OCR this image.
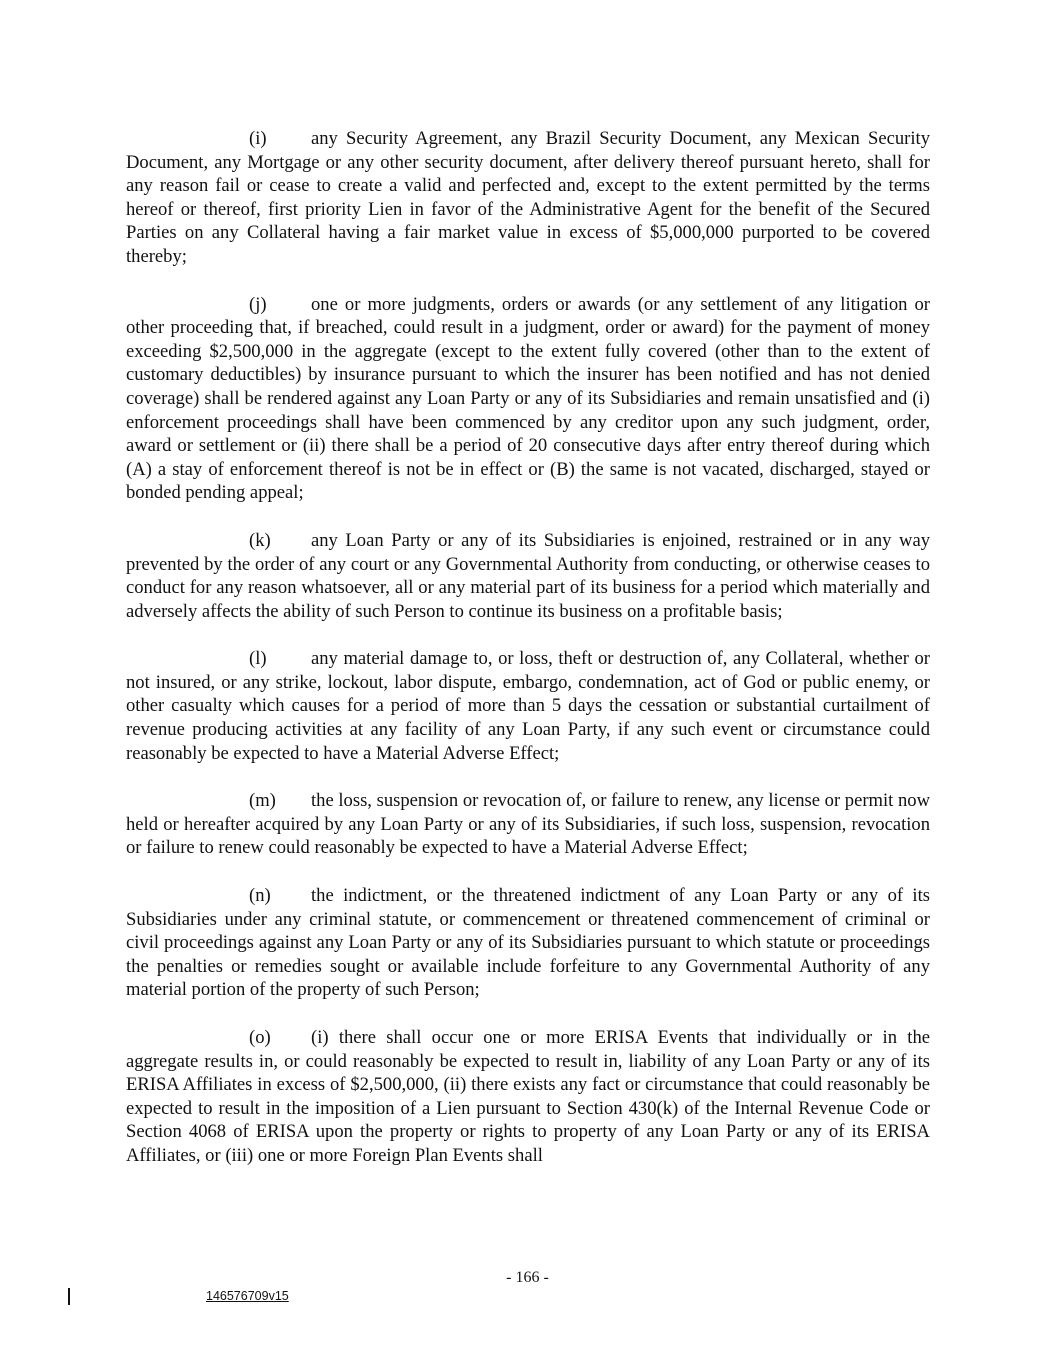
(i) any Security Agreement, any Brazil Security Document, any Mexican Security Document, any Mortgage or any other security document, after delivery thereof pursuant hereto, shall for any reason fail or cease to create a valid and perfected and, except to the extent permitted by the terms hereof or thereof, first priority Lien in favor of the Administrative Agent for the benefit of the Secured Parties on any Collateral having a fair market value in excess of $5,000,000 purported to be covered thereby;

(j) one or more judgments, orders or awards (or any settlement of any litigation or other proceeding that, if breached, could result in a judgment, order or award) for the payment of money exceeding $2,500,000 in the aggregate (except to the extent fully covered (other than to the extent of customary deductibles) by insurance pursuant to which the insurer has been notified and has not denied coverage) shall be rendered against any Loan Party or any of its Subsidiaries and remain unsatisfied and (i) enforcement proceedings shall have been commenced by any creditor upon any such judgment, order, award or settlement or (ii) there shall be a period of 20 consecutive days after entry thereof during which (A) a stay of enforcement thereof is not be in effect or (B) the same is not vacated, discharged, stayed or bonded pending appeal;

(k) any Loan Party or any of its Subsidiaries is enjoined, restrained or in any way prevented by the order of any court or any Governmental Authority from conducting, or otherwise ceases to conduct for any reason whatsoever, all or any material part of its business for a period which materially and adversely affects the ability of such Person to continue its business on a profitable basis;

(l) any material damage to, or loss, theft or destruction of, any Collateral, whether or not insured, or any strike, lockout, labor dispute, embargo, condemnation, act of God or public enemy, or other casualty which causes for a period of more than 5 days the cessation or substantial curtailment of revenue producing activities at any facility of any Loan Party, if any such event or circumstance could reasonably be expected to have a Material Adverse Effect;

(m) the loss, suspension or revocation of, or failure to renew, any license or permit now held or hereafter acquired by any Loan Party or any of its Subsidiaries, if such loss, suspension, revocation or failure to renew could reasonably be expected to have a Material Adverse Effect;

(n) the indictment, or the threatened indictment of any Loan Party or any of its Subsidiaries under any criminal statute, or commencement or threatened commencement of criminal or civil proceedings against any Loan Party or any of its Subsidiaries pursuant to which statute or proceedings the penalties or remedies sought or available include forfeiture to any Governmental Authority of any material portion of the property of such Person;

(o) (i) there shall occur one or more ERISA Events that individually or in the aggregate results in, or could reasonably be expected to result in, liability of any Loan Party or any of its ERISA Affiliates in excess of $2,500,000, (ii) there exists any fact or circumstance that could reasonably be expected to result in the imposition of a Lien pursuant to Section 430(k) of the Internal Revenue Code or Section 4068 of ERISA upon the property or rights to property of any Loan Party or any of its ERISA Affiliates, or (iii) one or more Foreign Plan Events shall

- 166 -
146576709v15
